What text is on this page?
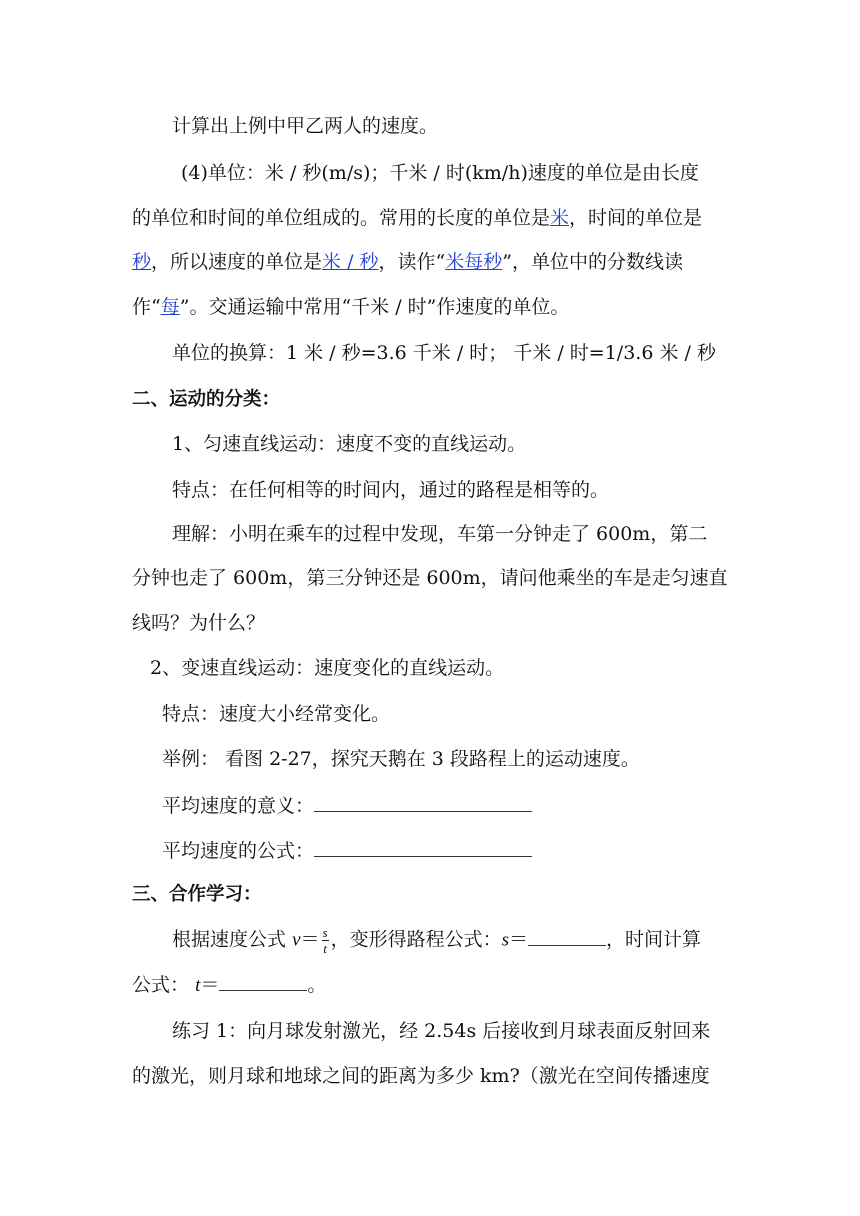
计算出上例中甲乙两人的速度。
(4)单位：米 / 秒(m/s)；千米 / 时(km/h)速度的单位是由长度
的单位和时间的单位组成的。常用的长度的单位是米，时间的单位是
秒，所以速度的单位是米 / 秒，读作“米每秒”，单位中的分数线读
作“每”。交通运输中常用“千米 / 时”作速度的单位。
单位的换算：1 米 / 秒=3.6 千米 / 时； 千米 / 时=1/3.6 米 / 秒
二、运动的分类：
1、匀速直线运动：速度不变的直线运动。
特点：在任何相等的时间内，通过的路程是相等的。
理解：小明在乘车的过程中发现，车第一分钟走了 600m，第二
分钟也走了 600m，第三分钟还是 600m，请问他乘坐的车是走匀速直
线吗？为什么？
2、变速直线运动：速度变化的直线运动。
特点：速度大小经常变化。
举例： 看图 2-27，探究天鹅在 3 段路程上的运动速度。
平均速度的意义：
平均速度的公式：
三、合作学习：
根据速度公式 $v= \frac{s}{t}$ ，变形得路程公式：s＝	，时间计算
公式： t＝	。
练习 1：向月球发射激光，经 2.54s 后接收到月球表面反射回来
的激光，则月球和地球之间的距离为多少 km?（激光在空间传播速度
